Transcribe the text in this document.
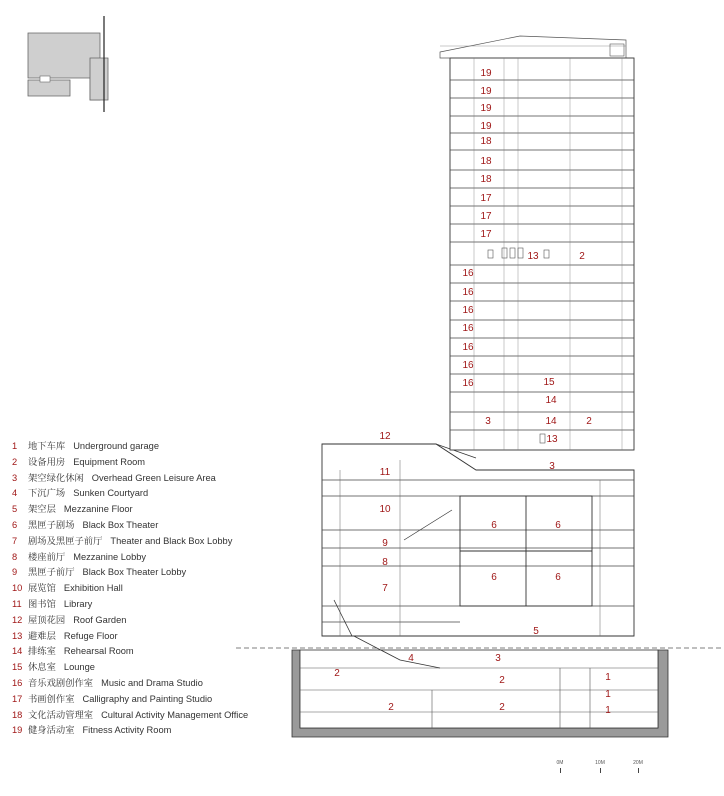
19
19
19
19
18
18
18
17
17
17
13	2
16
16
16
16
16
16
16	15
14
3	14	2
13
12
11
10
9
8
7
3
6	6
6	6
5
4	3
2
2
2	2
1
1
1
1 地下车库 Underground garage
2 设备用房 Equipment Room
3 架空绿化休闲 Overhead Green Leisure Area
4 下沉广场 Sunken Courtyard
5 架空层 Mezzanine Floor
6 黑匣子剧场 Black Box Theater
7 剧场及黑匣子前厅 Theater and Black Box Lobby
8 楼座前厅 Mezzanine Lobby
9 黑匣子前厅 Black Box Theater Lobby
10 展览馆 Exhibition Hall
11 图书馆 Library
12 屋顶花园 Roof Garden
13 避难层 Refuge Floor
14 排练室 Rehearsal Room
15 休息室 Lounge
16 音乐戏剧创作室 Music and Drama Studio
17 书画创作室 Calligraphy and Painting Studio
18 文化活动管理室 Cultural Activity Management Office
19 健身活动室 Fitness Activity Room
0M	10M	20M
